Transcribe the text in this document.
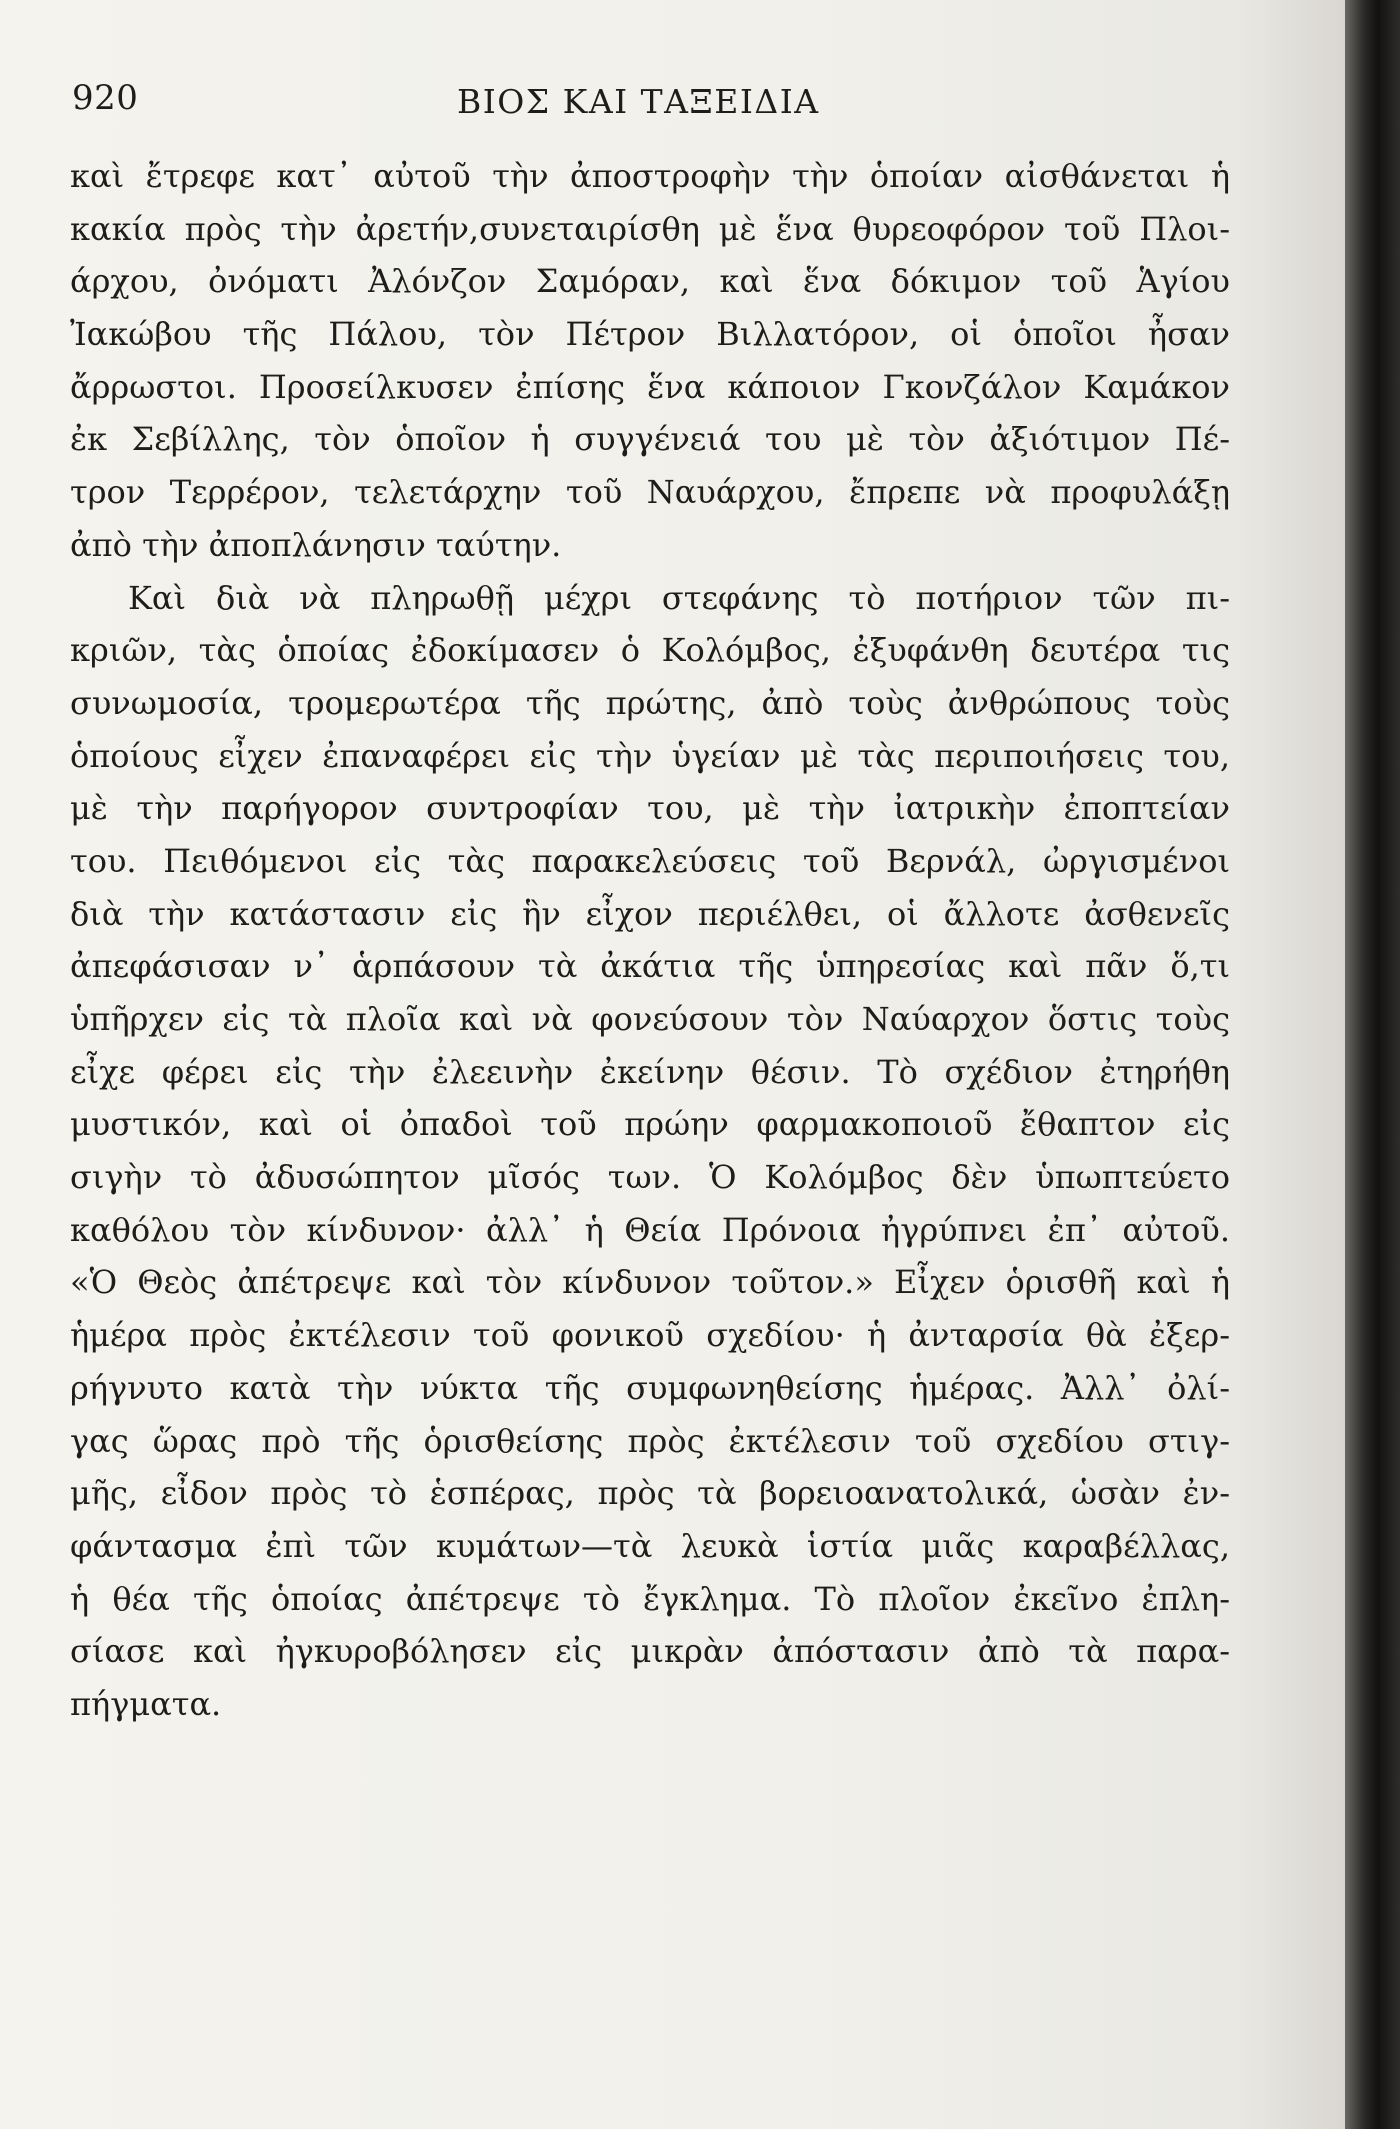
920	ΒΙΟΣ ΚΑΙ ΤΑΞΕΙΔΙΑ
καὶ ἔτρεφε κατ᾽ αὐτοῦ τὴν ἀποστροφὴν τὴν ὁποίαν αἰσθάνεται ἡ
κακία πρὸς τὴν ἀρετήν,συνεταιρίσθη μὲ ἕνα θυρεοφόρον τοῦ Πλοι-
άρχου, ὀνόματι Ἀλόνζον Σαμόραν, καὶ ἕνα δόκιμον τοῦ Ἁγίου
Ἰακώβου τῆς Πάλου, τὸν Πέτρον Βιλλατόρον, οἱ ὁποῖοι ἦσαν
ἄρρωστοι. Προσείλκυσεν ἐπίσης ἕνα κάποιον Γκονζάλον Καμάκον
ἐκ Σεβίλλης, τὸν ὁποῖον ἡ συγγένειά του μὲ τὸν ἀξιότιμον Πέ-
τρον Τερρέρον, τελετάρχην τοῦ Ναυάρχου, ἔπρεπε νὰ προφυλάξῃ
ἀπὸ τὴν ἀποπλάνησιν ταύτην.
Καὶ διὰ νὰ πληρωθῇ μέχρι στεφάνης τὸ ποτήριον τῶν πι-
κριῶν, τὰς ὁποίας ἐδοκίμασεν ὁ Κολόμβος, ἐξυφάνθη δευτέρα τις
συνωμοσία, τρομερωτέρα τῆς πρώτης, ἀπὸ τοὺς ἀνθρώπους τοὺς
ὁποίους εἶχεν ἐπαναφέρει εἰς τὴν ὑγείαν μὲ τὰς περιποιήσεις του,
μὲ τὴν παρήγορον συντροφίαν του, μὲ τὴν ἰατρικὴν ἐποπτείαν
του. Πειθόμενοι εἰς τὰς παρακελεύσεις τοῦ Βερνάλ, ὠργισμένοι
διὰ τὴν κατάστασιν εἰς ἣν εἶχον περιέλθει, οἱ ἄλλοτε ἀσθενεῖς
ἀπεφάσισαν ν᾽ ἁρπάσουν τὰ ἀκάτια τῆς ὑπηρεσίας καὶ πᾶν ὅ,τι
ὑπῆρχεν εἰς τὰ πλοῖα καὶ νὰ φονεύσουν τὸν Ναύαρχον ὅστις τοὺς
εἶχε φέρει εἰς τὴν ἐλεεινὴν ἐκείνην θέσιν. Τὸ σχέδιον ἐτηρήθη
μυστικόν, καὶ οἱ ὀπαδοὶ τοῦ πρώην φαρμακοποιοῦ ἔθαπτον εἰς
σιγὴν τὸ ἀδυσώπητον μῖσός των. Ὁ Κολόμβος δὲν ὑπωπτεύετο
καθόλου τὸν κίνδυνον· ἀλλ᾽ ἡ Θεία Πρόνοια ἠγρύπνει ἐπ᾽ αὐτοῦ.
«Ὁ Θεὸς ἀπέτρεψε καὶ τὸν κίνδυνον τοῦτον.» Εἶχεν ὁρισθῆ καὶ ἡ
ἡμέρα πρὸς ἐκτέλεσιν τοῦ φονικοῦ σχεδίου· ἡ ἀνταρσία θὰ ἐξερ-
ρήγνυτο κατὰ τὴν νύκτα τῆς συμφωνηθείσης ἡμέρας. Ἀλλ᾽ ὀλί-
γας ὥρας πρὸ τῆς ὁρισθείσης πρὸς ἐκτέλεσιν τοῦ σχεδίου στιγ-
μῆς, εἶδον πρὸς τὸ ἑσπέρας, πρὸς τὰ βορειοανατολικά, ὡσὰν ἐν-
φάντασμα ἐπὶ τῶν κυμάτων—τὰ λευκὰ ἱστία μιᾶς καραβέλλας,
ἡ θέα τῆς ὁποίας ἀπέτρεψε τὸ ἔγκλημα. Τὸ πλοῖον ἐκεῖνο ἐπλη-
σίασε καὶ ἠγκυροβόλησεν εἰς μικρὰν ἀπόστασιν ἀπὸ τὰ παρα-
πήγματα.
